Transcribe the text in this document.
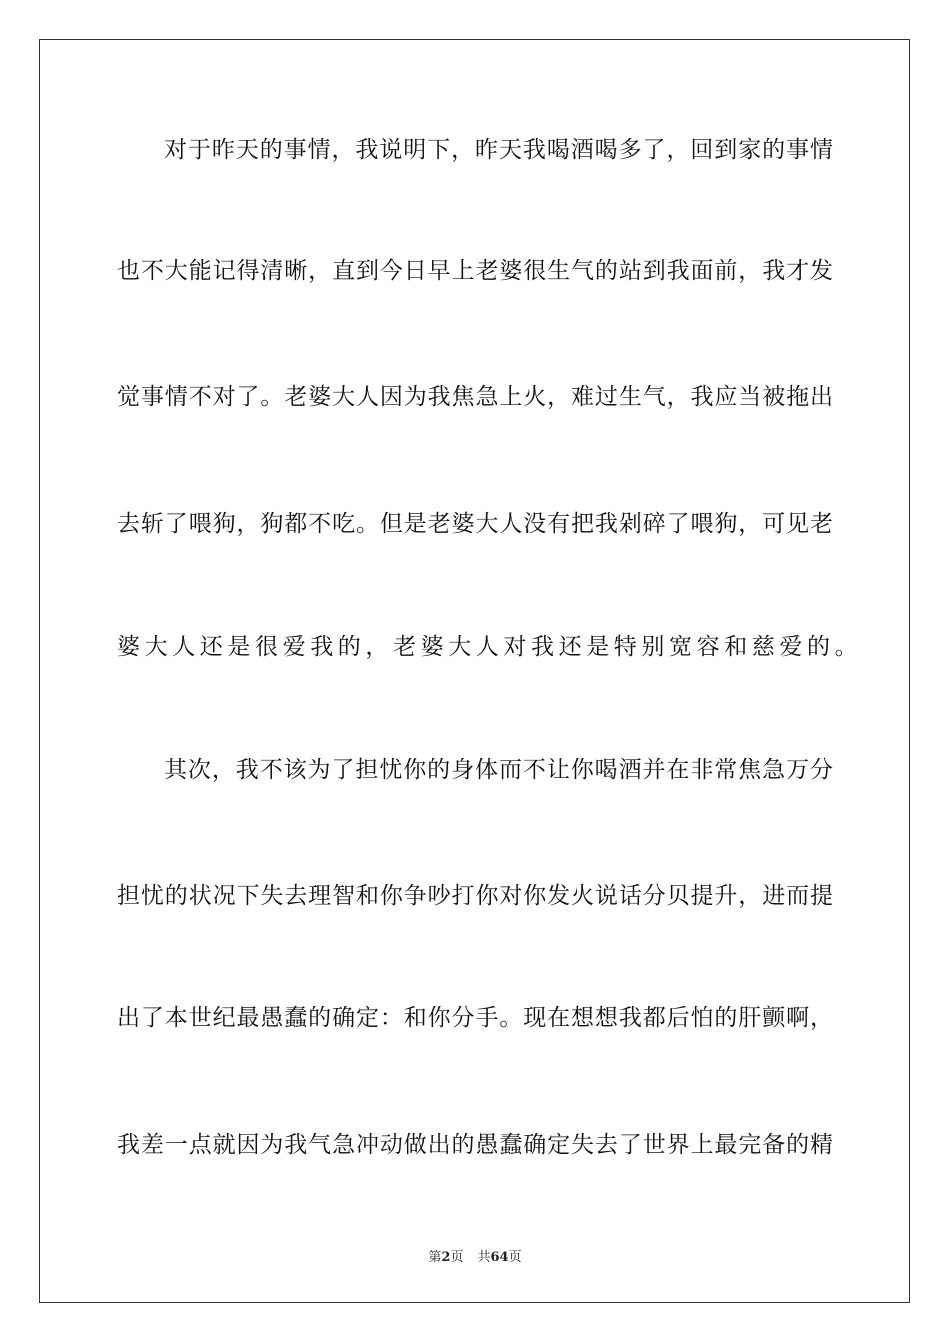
对于昨天的事情，我说明下，昨天我喝酒喝多了，回到家的事情
也不大能记得清晰，直到今日早上老婆很生气的站到我面前，我才发
觉事情不对了。老婆大人因为我焦急上火，难过生气，我应当被拖出
去斩了喂狗，狗都不吃。但是老婆大人没有把我剁碎了喂狗，可见老
婆大人还是很爱我的，老婆大人对我还是特别宽容和慈爱的。
其次，我不该为了担忧你的身体而不让你喝酒并在非常焦急万分
担忧的状况下失去理智和你争吵打你对你发火说话分贝提升，进而提
出了本世纪最愚蠢的确定：和你分手。现在想想我都后怕的肝颤啊，
我差一点就因为我气急冲动做出的愚蠢确定失去了世界上最完备的精
第2页 共64页
